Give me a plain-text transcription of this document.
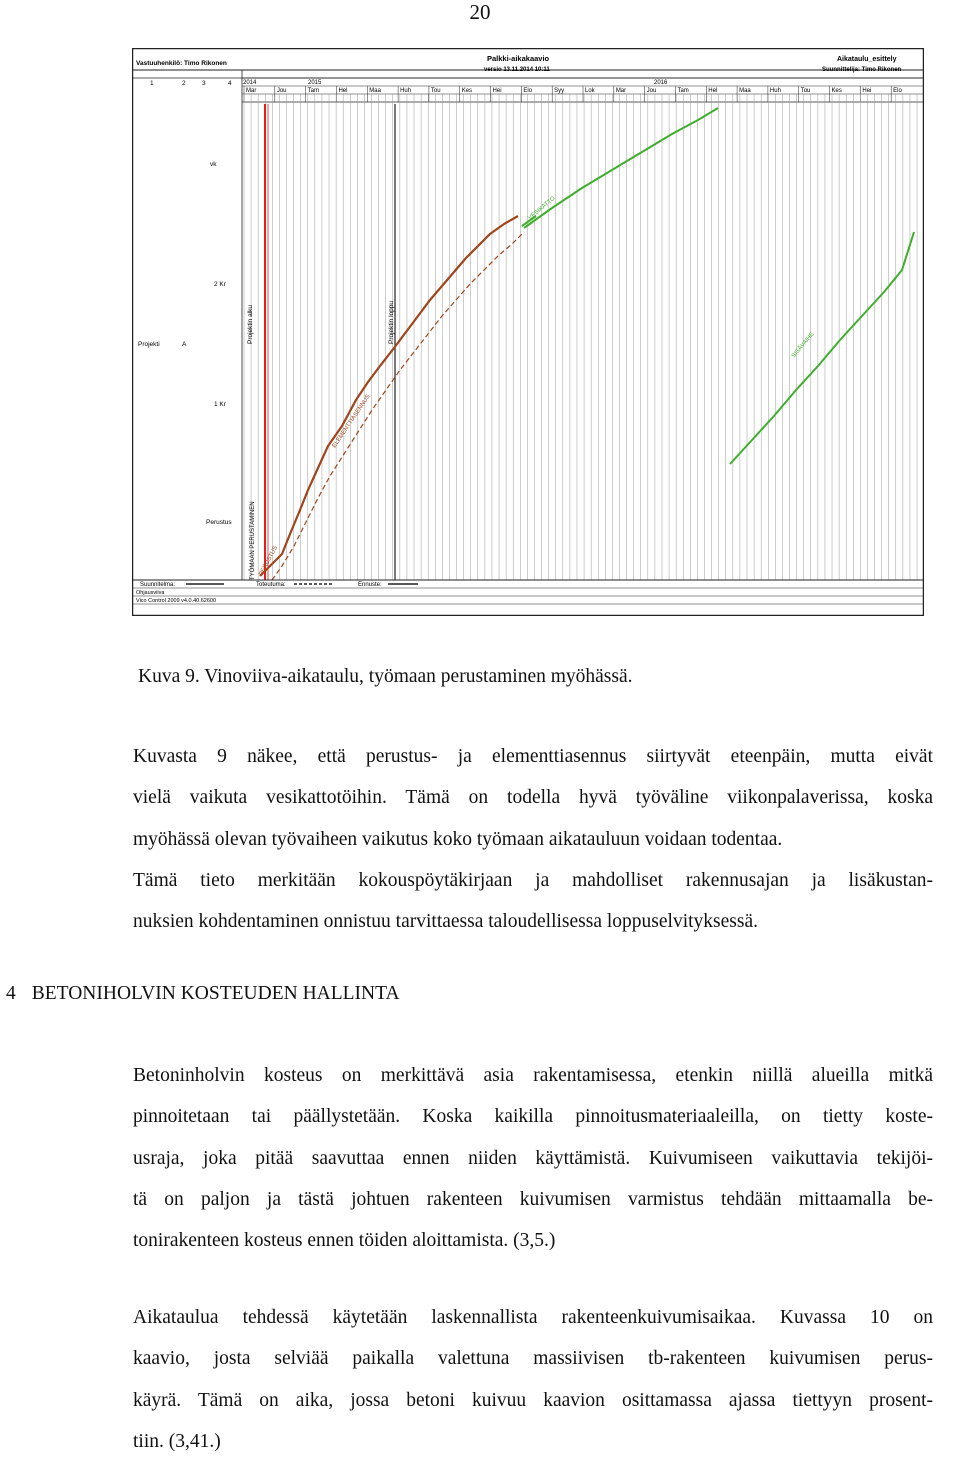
20
Vastuuhenkilö: Timo Rikonen
Palkki-aikakaavio
versio 13.11.2014 10:11
Aikataulu_esittely
Suunnittelija: Timo Rikonen
1	2	3	4 2014	2015	2016
Mar	Jou	Tam	Hel	Maa	Huh	Tou	Kes	Hei	Elo	Syy	Lok	Mar	Jou	Tam	Hel	Maa	Huh	Tou	Kes	Hei	Elo
vk
2 Kr
Projekti	A
1 Kr
Perustus
Projektin alku	Projektin loppu
TYÖMAAN PERUSTAMINEN PERUSTUS
ELEMENTTIASENNUS
VESIKATTO
SISÄVAIHE
Suunnitelma:	Toteutuma:	Ennuste:
Ohjausviiva
Vico Control 2009 v4.0.40.62600
Kuva 9. Vinoviiva-aikataulu, työmaan perustaminen myöhässä.
Kuvasta 9 näkee, että perustus- ja elementtiasennus siirtyvät eteenpäin, mutta eivät
vielä vaikuta vesikattotöihin. Tämä on todella hyvä työväline viikonpalaverissa, koska
myöhässä olevan työvaiheen vaikutus koko työmaan aikatauluun voidaan todentaa.
Tämä tieto merkitään kokouspöytäkirjaan ja mahdolliset rakennusajan ja lisäkustan-
nuksien kohdentaminen onnistuu tarvittaessa taloudellisessa loppuselvityksessä.
4 BETONIHOLVIN KOSTEUDEN HALLINTA
Betoninholvin kosteus on merkittävä asia rakentamisessa, etenkin niillä alueilla mitkä
pinnoitetaan tai päällystetään. Koska kaikilla pinnoitusmateriaaleilla, on tietty koste-
usraja, joka pitää saavuttaa ennen niiden käyttämistä. Kuivumiseen vaikuttavia tekijöi-
tä on paljon ja tästä johtuen rakenteen kuivumisen varmistus tehdään mittaamalla be-
tonirakenteen kosteus ennen töiden aloittamista. (3,5.)
Aikataulua tehdessä käytetään laskennallista rakenteenkuivumisaikaa. Kuvassa 10 on
kaavio, josta selviää paikalla valettuna massiivisen tb-rakenteen kuivumisen perus-
käyrä. Tämä on aika, jossa betoni kuivuu kaavion osittamassa ajassa tiettyyn prosent-
tiin. (3,41.)
